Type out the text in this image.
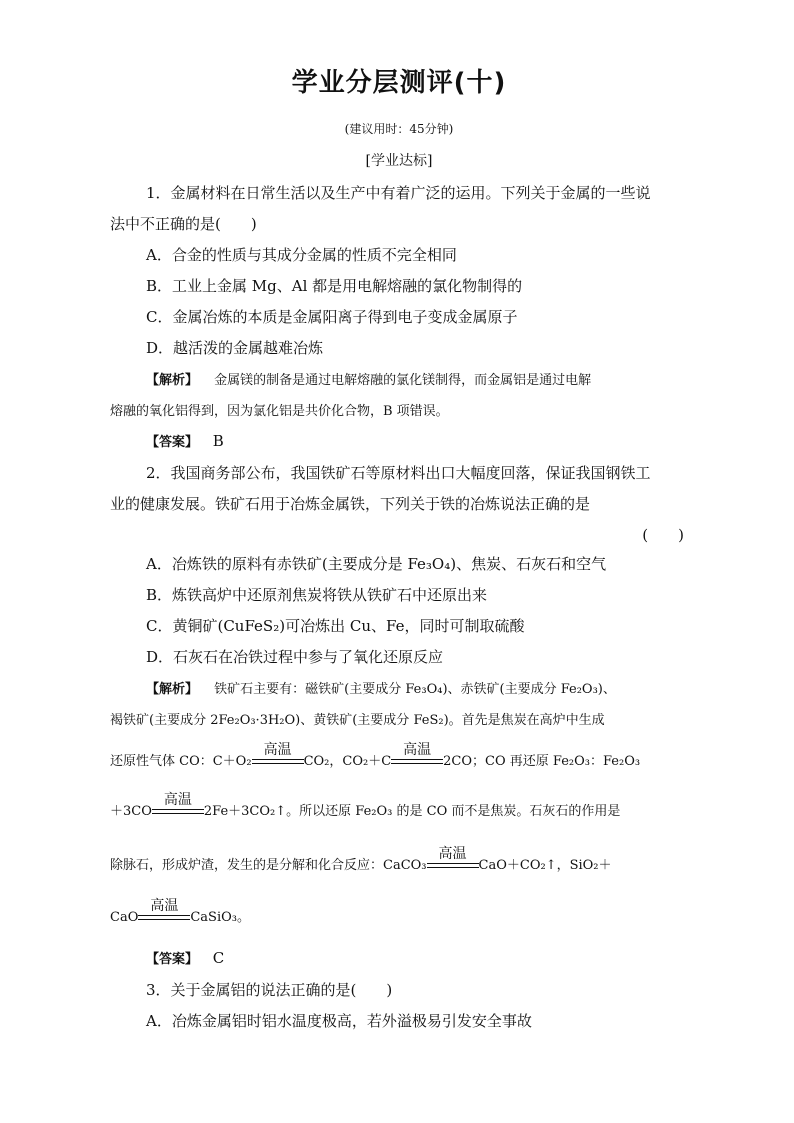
学业分层测评(十)
(建议用时：45分钟)
[学业达标]
1．金属材料在日常生活以及生产中有着广泛的运用。下列关于金属的一些说
法中不正确的是(　　)
A．合金的性质与其成分金属的性质不完全相同
B．工业上金属 Mg、Al 都是用电解熔融的氯化物制得的
C．金属冶炼的本质是金属阳离子得到电子变成金属原子
D．越活泼的金属越难冶炼
【解析】 金属镁的制备是通过电解熔融的氯化镁制得，而金属铝是通过电解
熔融的氧化铝得到，因为氯化铝是共价化合物，B 项错误。
【答案】 B
2．我国商务部公布，我国铁矿石等原材料出口大幅度回落，保证我国钢铁工
业的健康发展。铁矿石用于冶炼金属铁，下列关于铁的冶炼说法正确的是
(　　)
A．冶炼铁的原料有赤铁矿(主要成分是 Fe₃O₄)、焦炭、石灰石和空气
B．炼铁高炉中还原剂焦炭将铁从铁矿石中还原出来
C．黄铜矿(CuFeS₂)可冶炼出 Cu、Fe，同时可制取硫酸
D．石灰石在冶铁过程中参与了氧化还原反应
【解析】 铁矿石主要有：磁铁矿(主要成分 Fe₃O₄)、赤铁矿(主要成分 Fe₂O₃)、
褐铁矿(主要成分 2Fe₂O₃·3H₂O)、黄铁矿(主要成分 FeS₂)。首先是焦炭在高炉中生成
还原性气体 CO：C＋O₂
高温
CO₂，CO₂＋C
高温
2CO；CO 再还原 Fe₂O₃：Fe₂O₃
＋3CO
高温
2Fe＋3CO₂↑。所以还原 Fe₂O₃ 的是 CO 而不是焦炭。石灰石的作用是
除脉石，形成炉渣，发生的是分解和化合反应：CaCO₃
高温
CaO＋CO₂↑，SiO₂＋
CaO
高温
CaSiO₃。
【答案】 C
3．关于金属铝的说法正确的是(　　)
A．冶炼金属铝时铝水温度极高，若外溢极易引发安全事故
